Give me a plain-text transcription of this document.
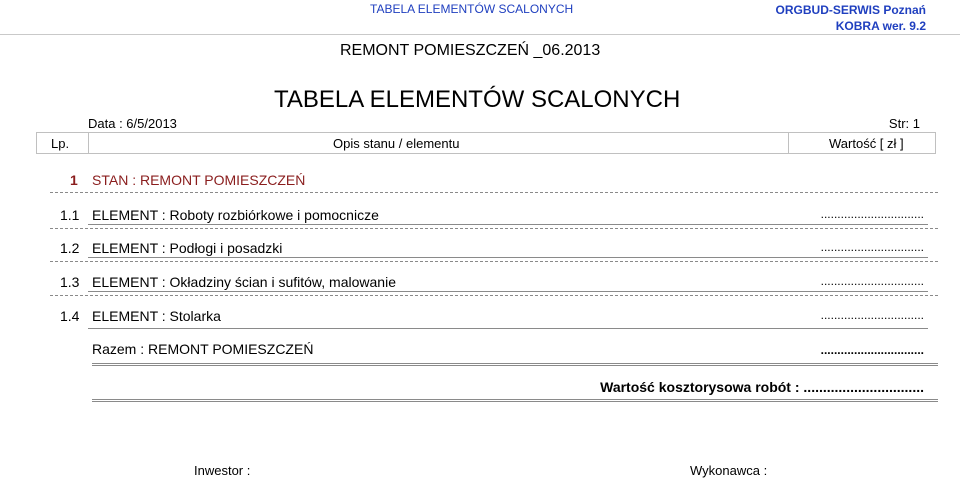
TABELA ELEMENTÓW SCALONYCH	ORGBUD-SERWIS Poznań
KOBRA wer. 9.2
REMONT POMIESZCZEŃ _06.2013
TABELA ELEMENTÓW SCALONYCH
Data : 6/5/2013	Str: 1
Lp.	Opis stanu / elementu	Wartość [ zł ]
1 STAN : REMONT POMIESZCZEŃ
1.1 ELEMENT : Roboty rozbiórkowe i pomocnicze	...............................
1.2 ELEMENT : Podłogi i posadzki	...............................
1.3 ELEMENT : Okładziny ścian i sufitów, malowanie	...............................
1.4 ELEMENT : Stolarka	...............................
Razem : REMONT POMIESZCZEŃ	...............................
Wartość kosztorysowa robót : ...............................
Inwestor :	Wykonawca :
